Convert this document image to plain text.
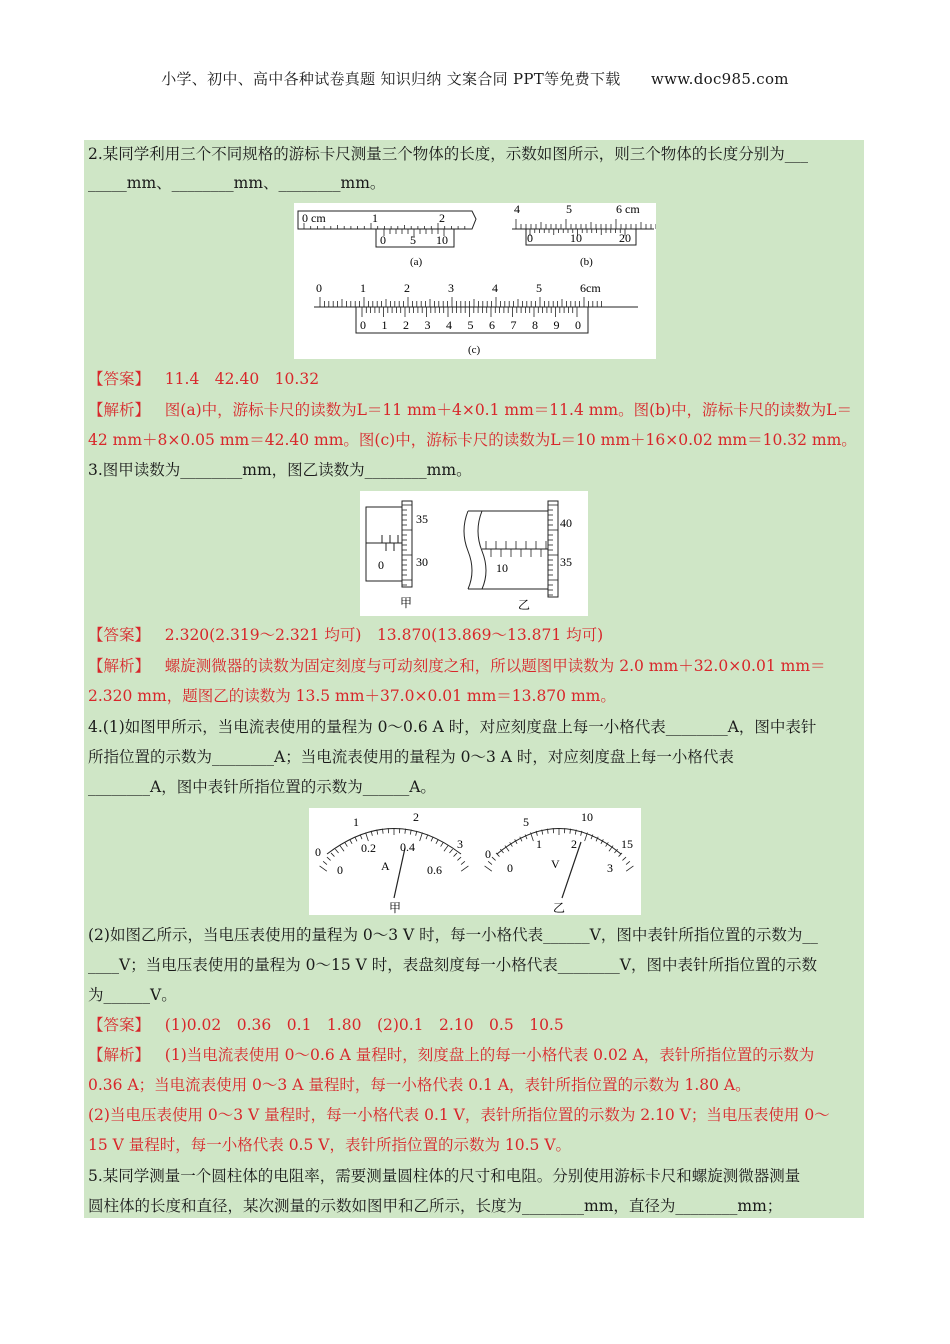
小学、初中、高中各种试卷真题 知识归纳 文案合同 PPT等免费下载 www.doc985.com

2.某同学利用三个不同规格的游标卡尺测量三个物体的长度，示数如图所示，则三个物体的长度分别为___

_____mm、________mm、________mm。

0 cm	1	2
0 5 10
(a)
4	5	6 cm
0	10	20
(b)
0	1	2	3	4	5	6cm
0 1 2 3 4 5 6 7 8 9 0
(c)

【答案】 11.4　42.40　10.32

【解析】 图(a)中，游标卡尺的读数为L＝11 mm＋4×0.1 mm＝11.4 mm。图(b)中，游标卡尺的读数为L＝

42 mm＋8×0.05 mm＝42.40 mm。图(c)中，游标卡尺的读数为L＝10 mm＋16×0.02 mm＝10.32 mm。

3.图甲读数为________mm，图乙读数为________mm。

35
30
0
甲
40
35
10
乙

【答案】 2.320(2.319～2.321 均可)　13.870(13.869～13.871 均可)

【解析】 螺旋测微器的读数为固定刻度与可动刻度之和，所以题图甲读数为 2.0 mm＋32.0×0.01 mm＝

2.320 mm，题图乙的读数为 13.5 mm＋37.0×0.01 mm＝13.870 mm。

4.(1)如图甲所示，当电流表使用的量程为 0～0.6 A 时，对应刻度盘上每一小格代表________A，图中表针

所指位置的示数为________A；当电流表使用的量程为 0～3 A 时，对应刻度盘上每一小格代表

________A，图中表针所指位置的示数为______A。

0
1	2
3
0
0.2 0.4
0.6
A
甲
0
5	10
15
0
1 2
3
V
乙

(2)如图乙所示，当电压表使用的量程为 0～3 V 时，每一小格代表______V，图中表针所指位置的示数为__

____V；当电压表使用的量程为 0～15 V 时，表盘刻度每一小格代表________V，图中表针所指位置的示数

为______V。

【答案】 (1)0.02　0.36　0.1　1.80　(2)0.1　2.10　0.5　10.5

【解析】 (1)当电流表使用 0～0.6 A 量程时，刻度盘上的每一小格代表 0.02 A，表针所指位置的示数为

0.36 A；当电流表使用 0～3 A 量程时，每一小格代表 0.1 A，表针所指位置的示数为 1.80 A。

(2)当电压表使用 0～3 V 量程时，每一小格代表 0.1 V，表针所指位置的示数为 2.10 V；当电压表使用 0～

15 V 量程时，每一小格代表 0.5 V，表针所指位置的示数为 10.5 V。

5.某同学测量一个圆柱体的电阻率，需要测量圆柱体的尺寸和电阻。分别使用游标卡尺和螺旋测微器测量

圆柱体的长度和直径，某次测量的示数如图甲和乙所示，长度为________mm，直径为________mm；
